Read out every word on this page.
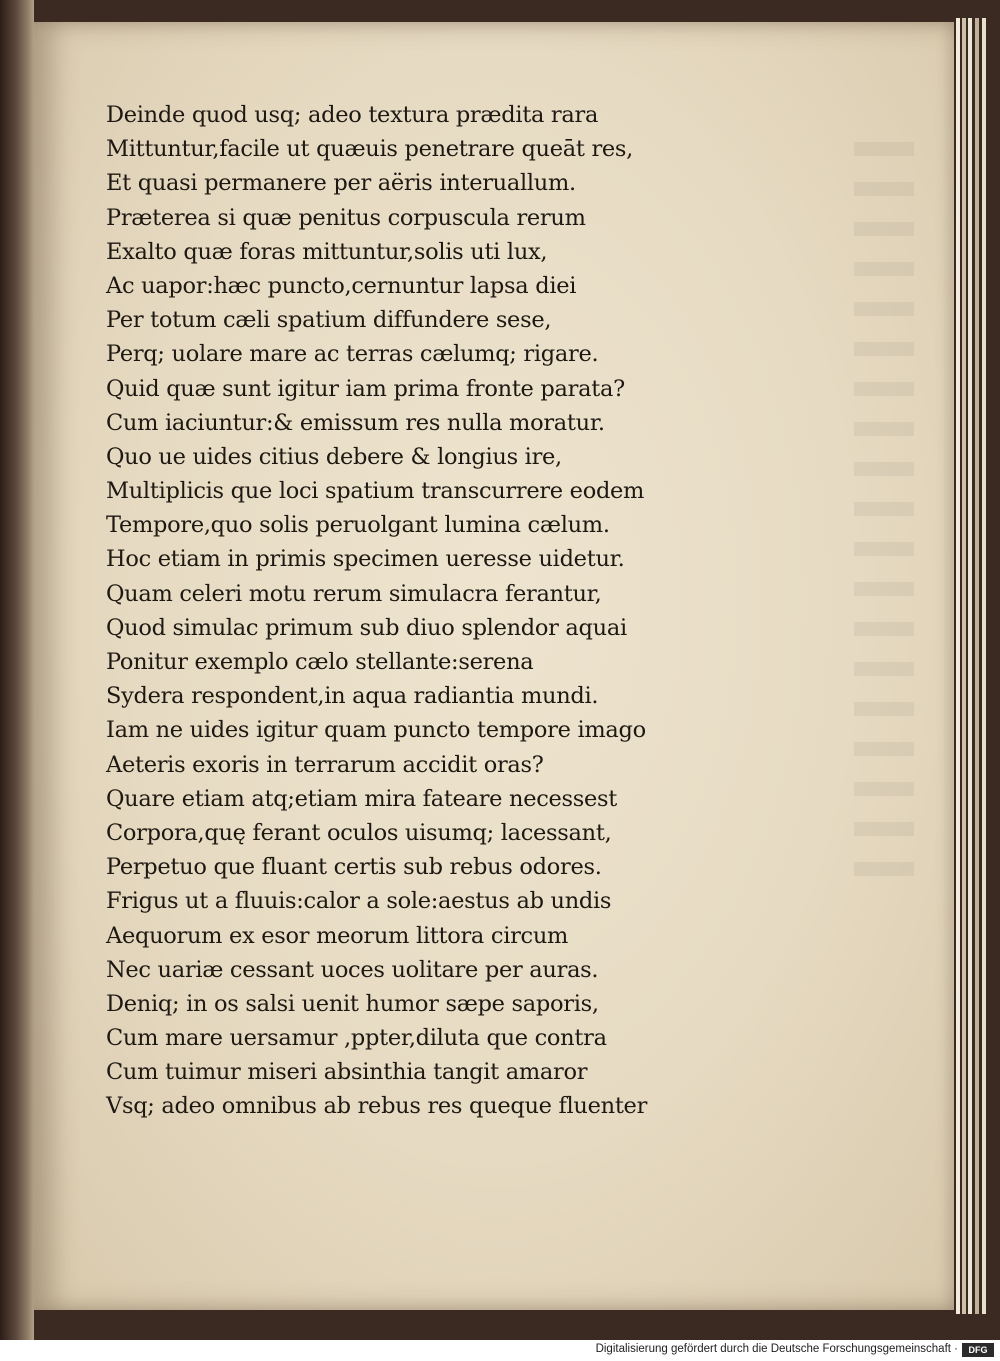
Deinde quod usq; adeo textura prædita rara
Mittuntur,facile ut quæuis penetrare queāt res,
Et quasi permanere per aëris interuallum.
Præterea si quæ penitus corpuscula rerum
Exalto quæ foras mittuntur,solis uti lux,
Ac uapor:hæc puncto,cernuntur lapsa diei
Per totum cæli spatium diffundere sese,
Perq; uolare mare ac terras cælumq; rigare.
Quid quæ sunt igitur iam prima fronte parata?
Cum iaciuntur:& emissum res nulla moratur.
Quo ue uides citius debere & longius ire,
Multiplicis que loci spatium transcurrere eodem
Tempore,quo solis peruolgant lumina cælum.
Hoc etiam in primis specimen ueresse uidetur.
Quam celeri motu rerum simulacra ferantur,
Quod simulac primum sub diuo splendor aquai
Ponitur exemplo cælo stellante:serena
Sydera respondent,in aqua radiantia mundi.
Iam ne uides igitur quam puncto tempore imago
Aeteris exoris in terrarum accidit oras?
Quare etiam atq;etiam mira fateare necessest
Corpora,quę ferant oculos uisumq; lacessant,
Perpetuo que fluant certis sub rebus odores.
Frigus ut a fluuis:calor a sole:aestus ab undis
Aequorum ex esor meorum littora circum
Nec uariæ cessant uoces uolitare per auras.
Deniq; in os salsi uenit humor sæpe saporis,
Cum mare uersamur ,ppter,diluta que contra
Cum tuimur miseri absinthia tangit amaror
Vsq; adeo omnibus ab rebus res queque fluenter
Digitalisierung gefördert durch die Deutsche Forschungsgemeinschaft ·	DFG
